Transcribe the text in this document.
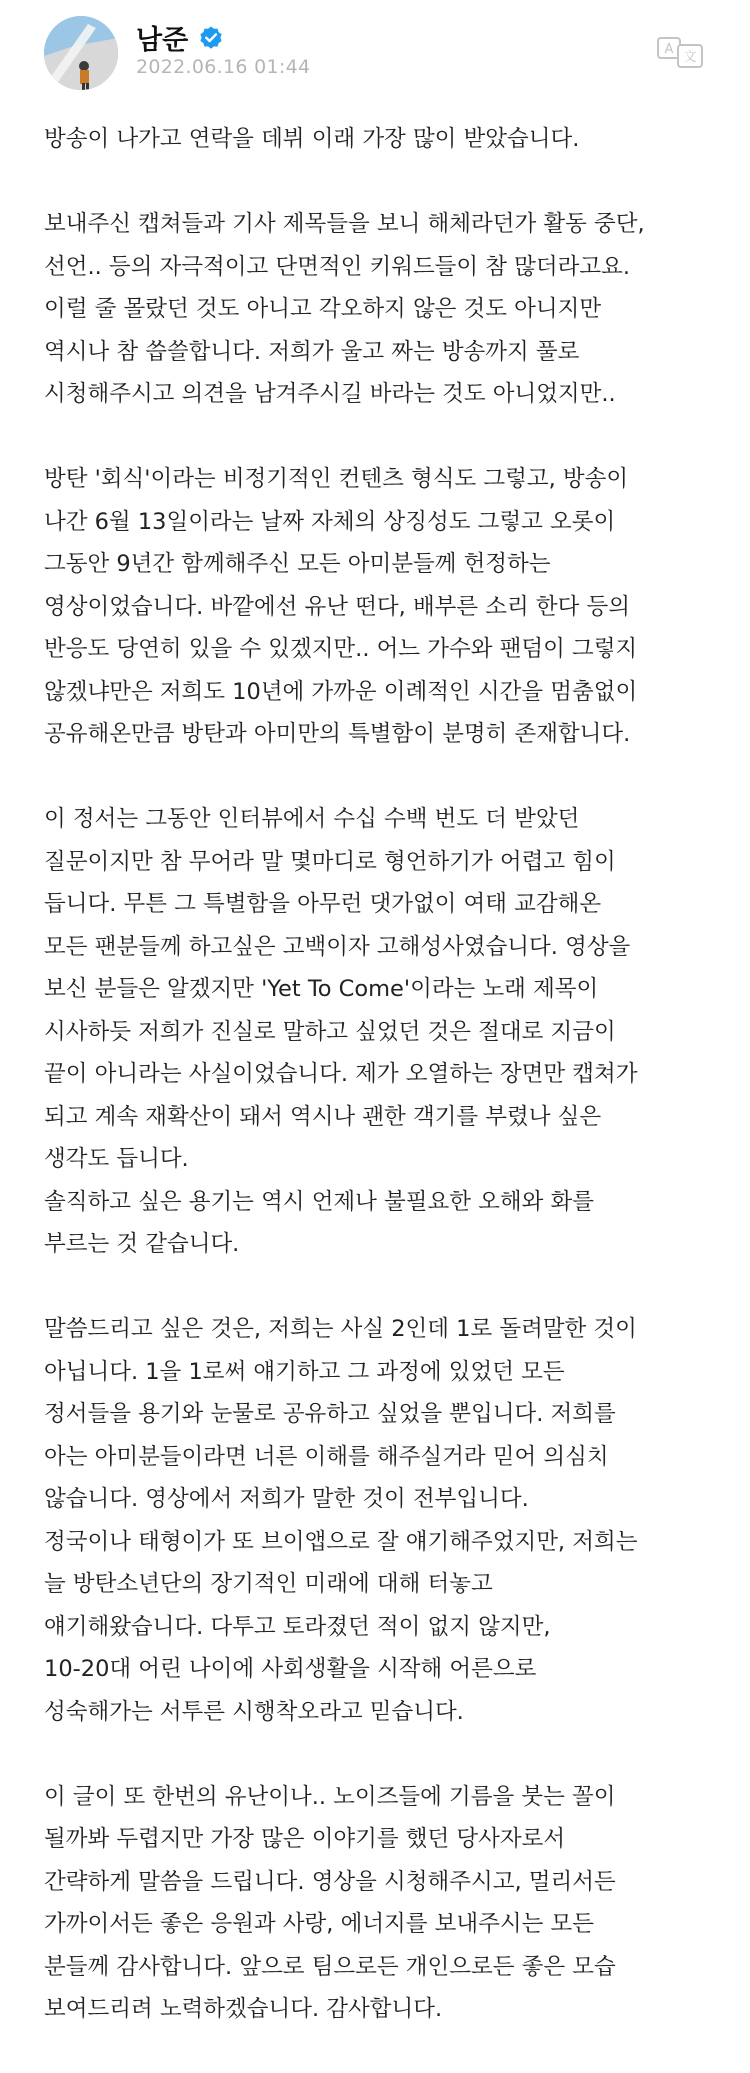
남준
2022.06.16 01:44
A
文
방송이 나가고 연락을 데뷔 이래 가장 많이 받았습니다.
보내주신 캡쳐들과 기사 제목들을 보니 해체라던가 활동 중단,
선언.. 등의 자극적이고 단면적인 키워드들이 참 많더라고요.
이럴 줄 몰랐던 것도 아니고 각오하지 않은 것도 아니지만
역시나 참 씁쓸합니다. 저희가 울고 짜는 방송까지 풀로
시청해주시고 의견을 남겨주시길 바라는 것도 아니었지만..
방탄 '회식'이라는 비정기적인 컨텐츠 형식도 그렇고, 방송이
나간 6월 13일이라는 날짜 자체의 상징성도 그렇고 오롯이
그동안 9년간 함께해주신 모든 아미분들께 헌정하는
영상이었습니다. 바깥에선 유난 떤다, 배부른 소리 한다 등의
반응도 당연히 있을 수 있겠지만.. 어느 가수와 팬덤이 그렇지
않겠냐만은 저희도 10년에 가까운 이례적인 시간을 멈춤없이
공유해온만큼 방탄과 아미만의 특별함이 분명히 존재합니다.
이 정서는 그동안 인터뷰에서 수십 수백 번도 더 받았던
질문이지만 참 무어라 말 몇마디로 형언하기가 어렵고 힘이
듭니다. 무튼 그 특별함을 아무런 댓가없이 여태 교감해온
모든 팬분들께 하고싶은 고백이자 고해성사였습니다. 영상을
보신 분들은 알겠지만 'Yet To Come'이라는 노래 제목이
시사하듯 저희가 진실로 말하고 싶었던 것은 절대로 지금이
끝이 아니라는 사실이었습니다. 제가 오열하는 장면만 캡쳐가
되고 계속 재확산이 돼서 역시나 괜한 객기를 부렸나 싶은
생각도 듭니다.
솔직하고 싶은 용기는 역시 언제나 불필요한 오해와 화를
부르는 것 같습니다.
말씀드리고 싶은 것은, 저희는 사실 2인데 1로 돌려말한 것이
아닙니다. 1을 1로써 얘기하고 그 과정에 있었던 모든
정서들을 용기와 눈물로 공유하고 싶었을 뿐입니다. 저희를
아는 아미분들이라면 너른 이해를 해주실거라 믿어 의심치
않습니다. 영상에서 저희가 말한 것이 전부입니다.
정국이나 태형이가 또 브이앱으로 잘 얘기해주었지만, 저희는
늘 방탄소년단의 장기적인 미래에 대해 터놓고
얘기해왔습니다. 다투고 토라졌던 적이 없지 않지만,
10-20대 어린 나이에 사회생활을 시작해 어른으로
성숙해가는 서투른 시행착오라고 믿습니다.
이 글이 또 한번의 유난이나.. 노이즈들에 기름을 붓는 꼴이
될까봐 두렵지만 가장 많은 이야기를 했던 당사자로서
간략하게 말씀을 드립니다. 영상을 시청해주시고, 멀리서든
가까이서든 좋은 응원과 사랑, 에너지를 보내주시는 모든
분들께 감사합니다. 앞으로 팀으로든 개인으로든 좋은 모습
보여드리려 노력하겠습니다. 감사합니다.
